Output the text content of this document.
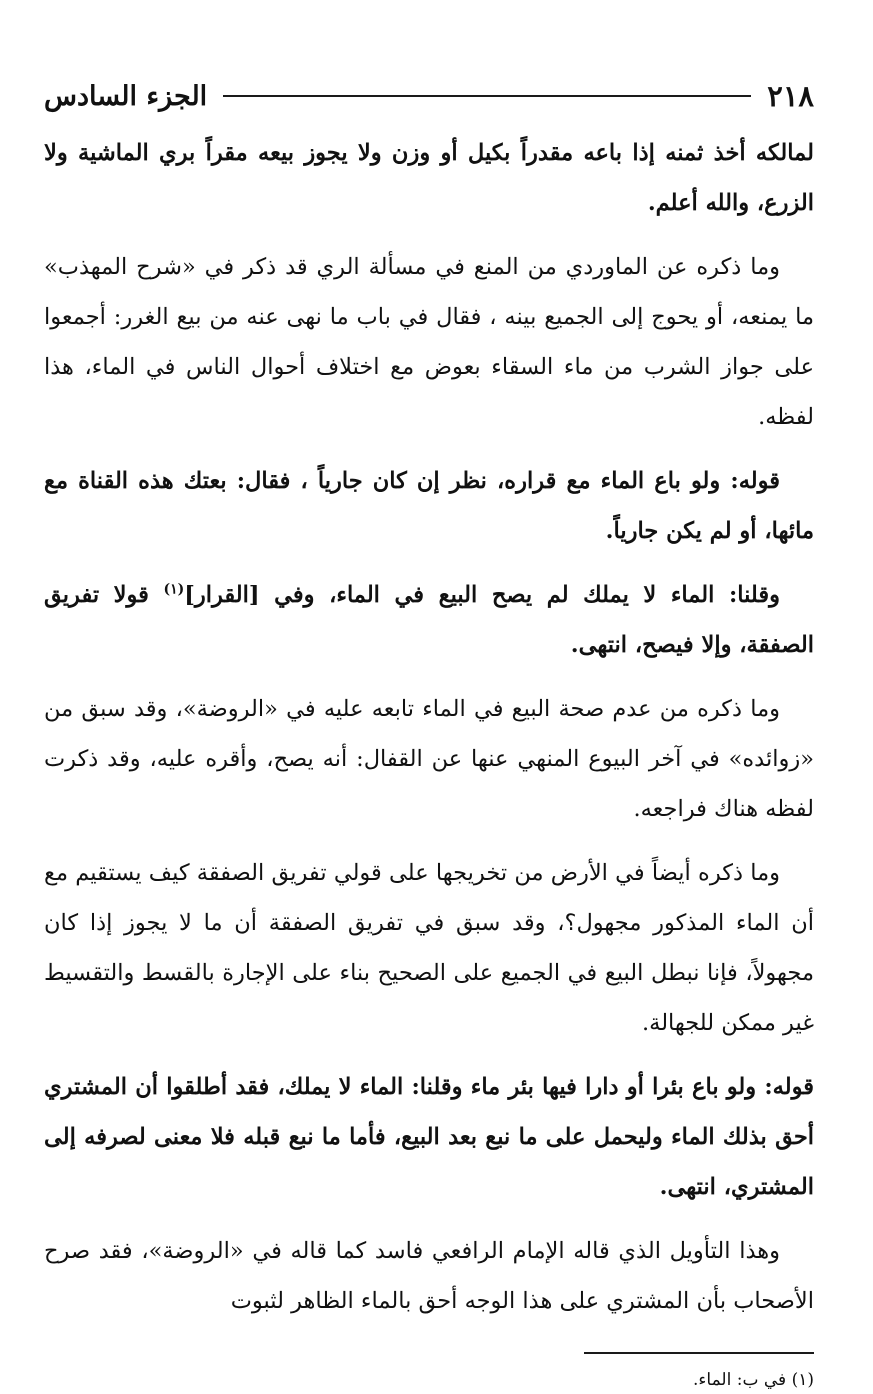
٢١٨
الجزء السادس

لمالكه أخذ ثمنه إذا باعه مقدراً بكيل أو وزن ولا يجوز بيعه مقراً بري الماشية ولا الزرع، والله أعلم.

وما ذكره عن الماوردي من المنع في مسألة الري قد ذكر في «شرح المهذب» ما يمنعه، أو يحوج إلى الجميع بينه ، فقال في باب ما نهى عنه من بيع الغرر: أجمعوا على جواز الشرب من ماء السقاء بعوض مع اختلاف أحوال الناس في الماء، هذا لفظه.

قوله: ولو باع الماء مع قراره، نظر إن كان جارياً ، فقال: بعتك هذه القناة مع مائها، أو لم يكن جارياً.

وقلنا: الماء لا يملك لم يصح البيع في الماء، وفي [القرار]$^{(١)}$ قولا تفريق الصفقة، وإلا فيصح، انتهى.

وما ذكره من عدم صحة البيع في الماء تابعه عليه في «الروضة»، وقد سبق من «زوائده» في آخر البيوع المنهي عنها عن القفال: أنه يصح، وأقره عليه، وقد ذكرت لفظه هناك فراجعه.

وما ذكره أيضاً في الأرض من تخريجها على قولي تفريق الصفقة كيف يستقيم مع أن الماء المذكور مجهول؟، وقد سبق في تفريق الصفقة أن ما لا يجوز إذا كان مجهولاً، فإنا نبطل البيع في الجميع على الصحيح بناء على الإجارة بالقسط والتقسيط غير ممكن للجهالة.

قوله: ولو باع بئرا أو دارا فيها بئر ماء وقلنا: الماء لا يملك، فقد أطلقوا أن المشتري أحق بذلك الماء وليحمل على ما نبع بعد البيع، فأما ما نبع قبله فلا معنى لصرفه إلى المشتري، انتهى.

وهذا التأويل الذي قاله الإمام الرافعي فاسد كما قاله في «الروضة»، فقد صرح الأصحاب بأن المشتري على هذا الوجه أحق بالماء الظاهر لثبوت

(١) في ب: الماء.
